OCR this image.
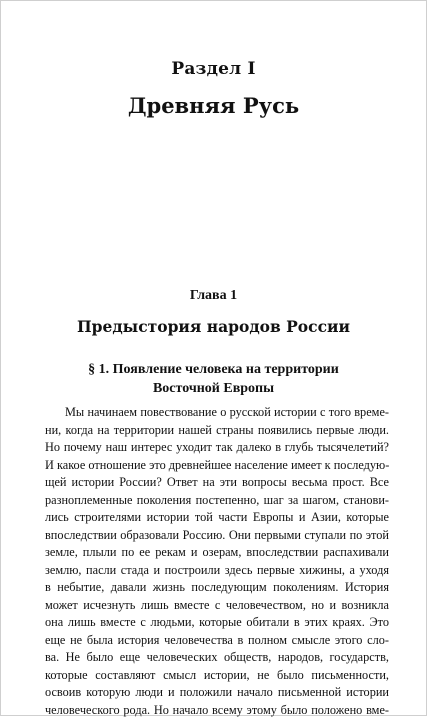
Раздел I
Древняя Русь
Глава 1
Предыстория народов России
§ 1. Появление человека на территории
Восточной Европы
Мы начинаем повествование о русской истории с того време-
ни, когда на территории нашей страны появились первые люди.
Но почему наш интерес уходит так далеко в глубь тысячелетий?
И какое отношение это древнейшее население имеет к последую-
щей истории России? Ответ на эти вопросы весьма прост. Все
разноплеменные поколения постепенно, шаг за шагом, станови-
лись строителями истории той части Европы и Азии, которые
впоследствии образовали Россию. Они первыми ступали по этой
земле, плыли по ее рекам и озерам, впоследствии распахивали
землю, пасли стада и построили здесь первые хижины, а уходя
в небытие, давали жизнь последующим поколениям. История
может исчезнуть лишь вместе с человечеством, но и возникла
она лишь вместе с людьми, которые обитали в этих краях. Это
еще не была история человечества в полном смысле этого сло-
ва. Не было еще человеческих обществ, народов, государств,
которые составляют смысл истории, не было письменности,
освоив которую люди и положили начало письменной истории
человеческого рода. Но начало всему этому было положено вме-
